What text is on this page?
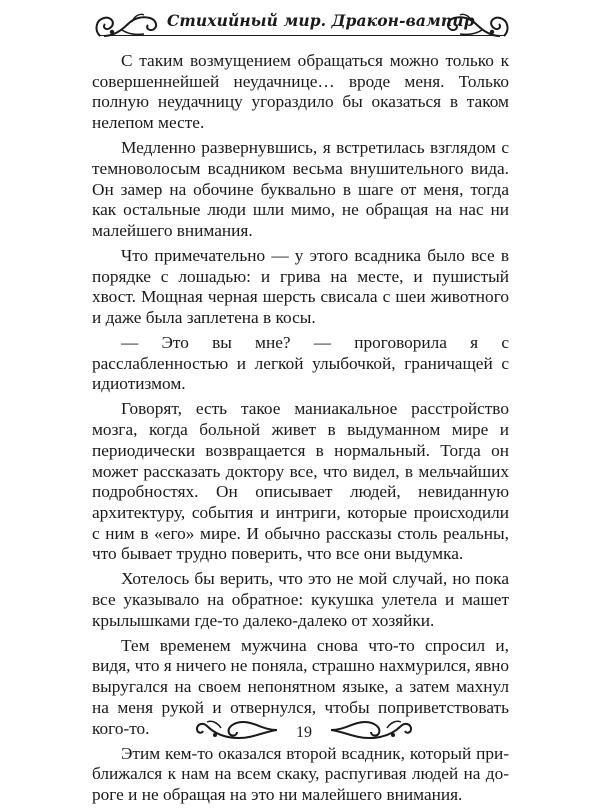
Стихийный мир. Дракон-вампир

С таким возмущением обращаться можно только к совершеннейшей неудачнице… вроде меня. Только полную неудачницу угораздило бы оказаться в таком нелепом месте.

Медленно развернувшись, я встретилась взглядом с темноволосым всадником весьма внушительного вида. Он замер на обочине буквально в шаге от меня, тогда как остальные люди шли мимо, не обращая на нас ни малейшего внимания.

Что примечательно — у этого всадника было все в порядке с лошадью: и грива на месте, и пушистый хвост. Мощная черная шерсть свисала с шеи животного и даже была заплетена в косы.

— Это вы мне? — проговорила я с расслабленностью и легкой улыбочкой, граничащей с идиотизмом.

Говорят, есть такое маниакальное расстройство мозга, когда больной живет в выдуманном мире и периодически возвращается в нормальный. Тогда он может рассказать доктору все, что видел, в мельчайших подробностях. Он описывает людей, невиданную архитектуру, события и интриги, которые происходили с ним в «его» мире. И обычно рассказы столь реальны, что бывает трудно поверить, что все они выдумка.

Хотелось бы верить, что это не мой случай, но пока все указывало на обратное: кукушка улетела и машет крылышками где-то далеко-далеко от хозяйки.

Тем временем мужчина снова что-то спросил и, видя, что я ничего не поняла, страшно нахмурился, явно выругался на своем непонятном языке, а затем махнул на меня рукой и отвернулся, чтобы поприветствовать кого-то.

Этим кем-то оказался второй всадник, который приближался к нам на всем скаку, распугивая людей на дороге и не обращая на это ни малейшего внимания.

19
